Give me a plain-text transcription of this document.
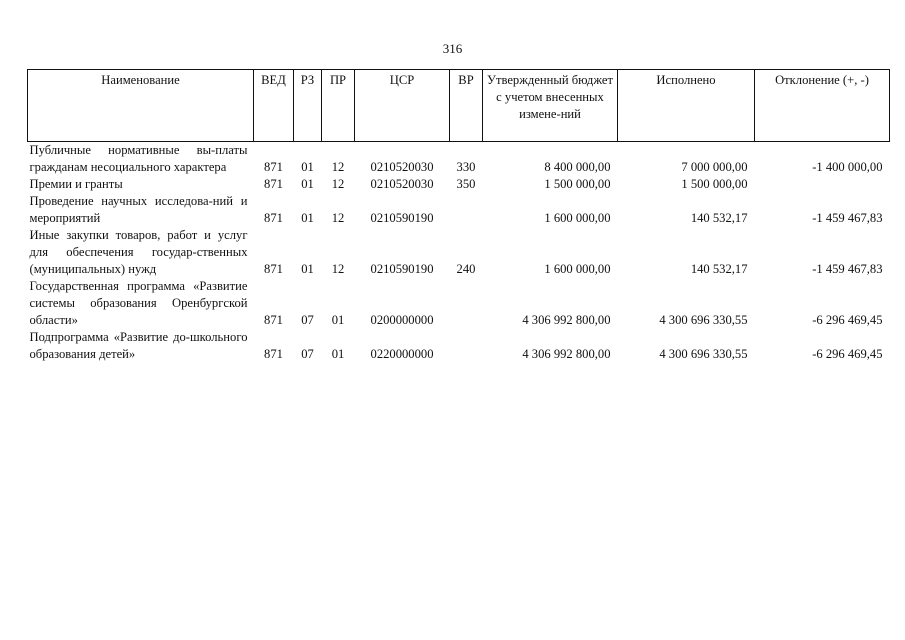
316
Наименование	ВЕД	РЗ	ПР	ЦСР	ВР	Утвержденный бюджет с учетом внесенных измене-ний	Исполнено	Отклонение (+, -)
Публичные нормативные вы-платы гражданам несоциального характера	871	01	12	0210520030	330	8 400 000,00	7 000 000,00	-1 400 000,00
Премии и гранты	871	01	12	0210520030	350	1 500 000,00	1 500 000,00	
Проведение научных исследова-ний и мероприятий	871	01	12	0210590190		1 600 000,00	140 532,17	-1 459 467,83
Иные закупки товаров, работ и услуг для обеспечения государ-ственных (муниципальных) нужд	871	01	12	0210590190	240	1 600 000,00	140 532,17	-1 459 467,83
Государственная программа «Развитие системы образования Оренбургской области»	871	07	01	0200000000		4 306 992 800,00	4 300 696 330,55	-6 296 469,45
Подпрограмма «Развитие до-школьного образования детей»	871	07	01	0220000000		4 306 992 800,00	4 300 696 330,55	-6 296 469,45
